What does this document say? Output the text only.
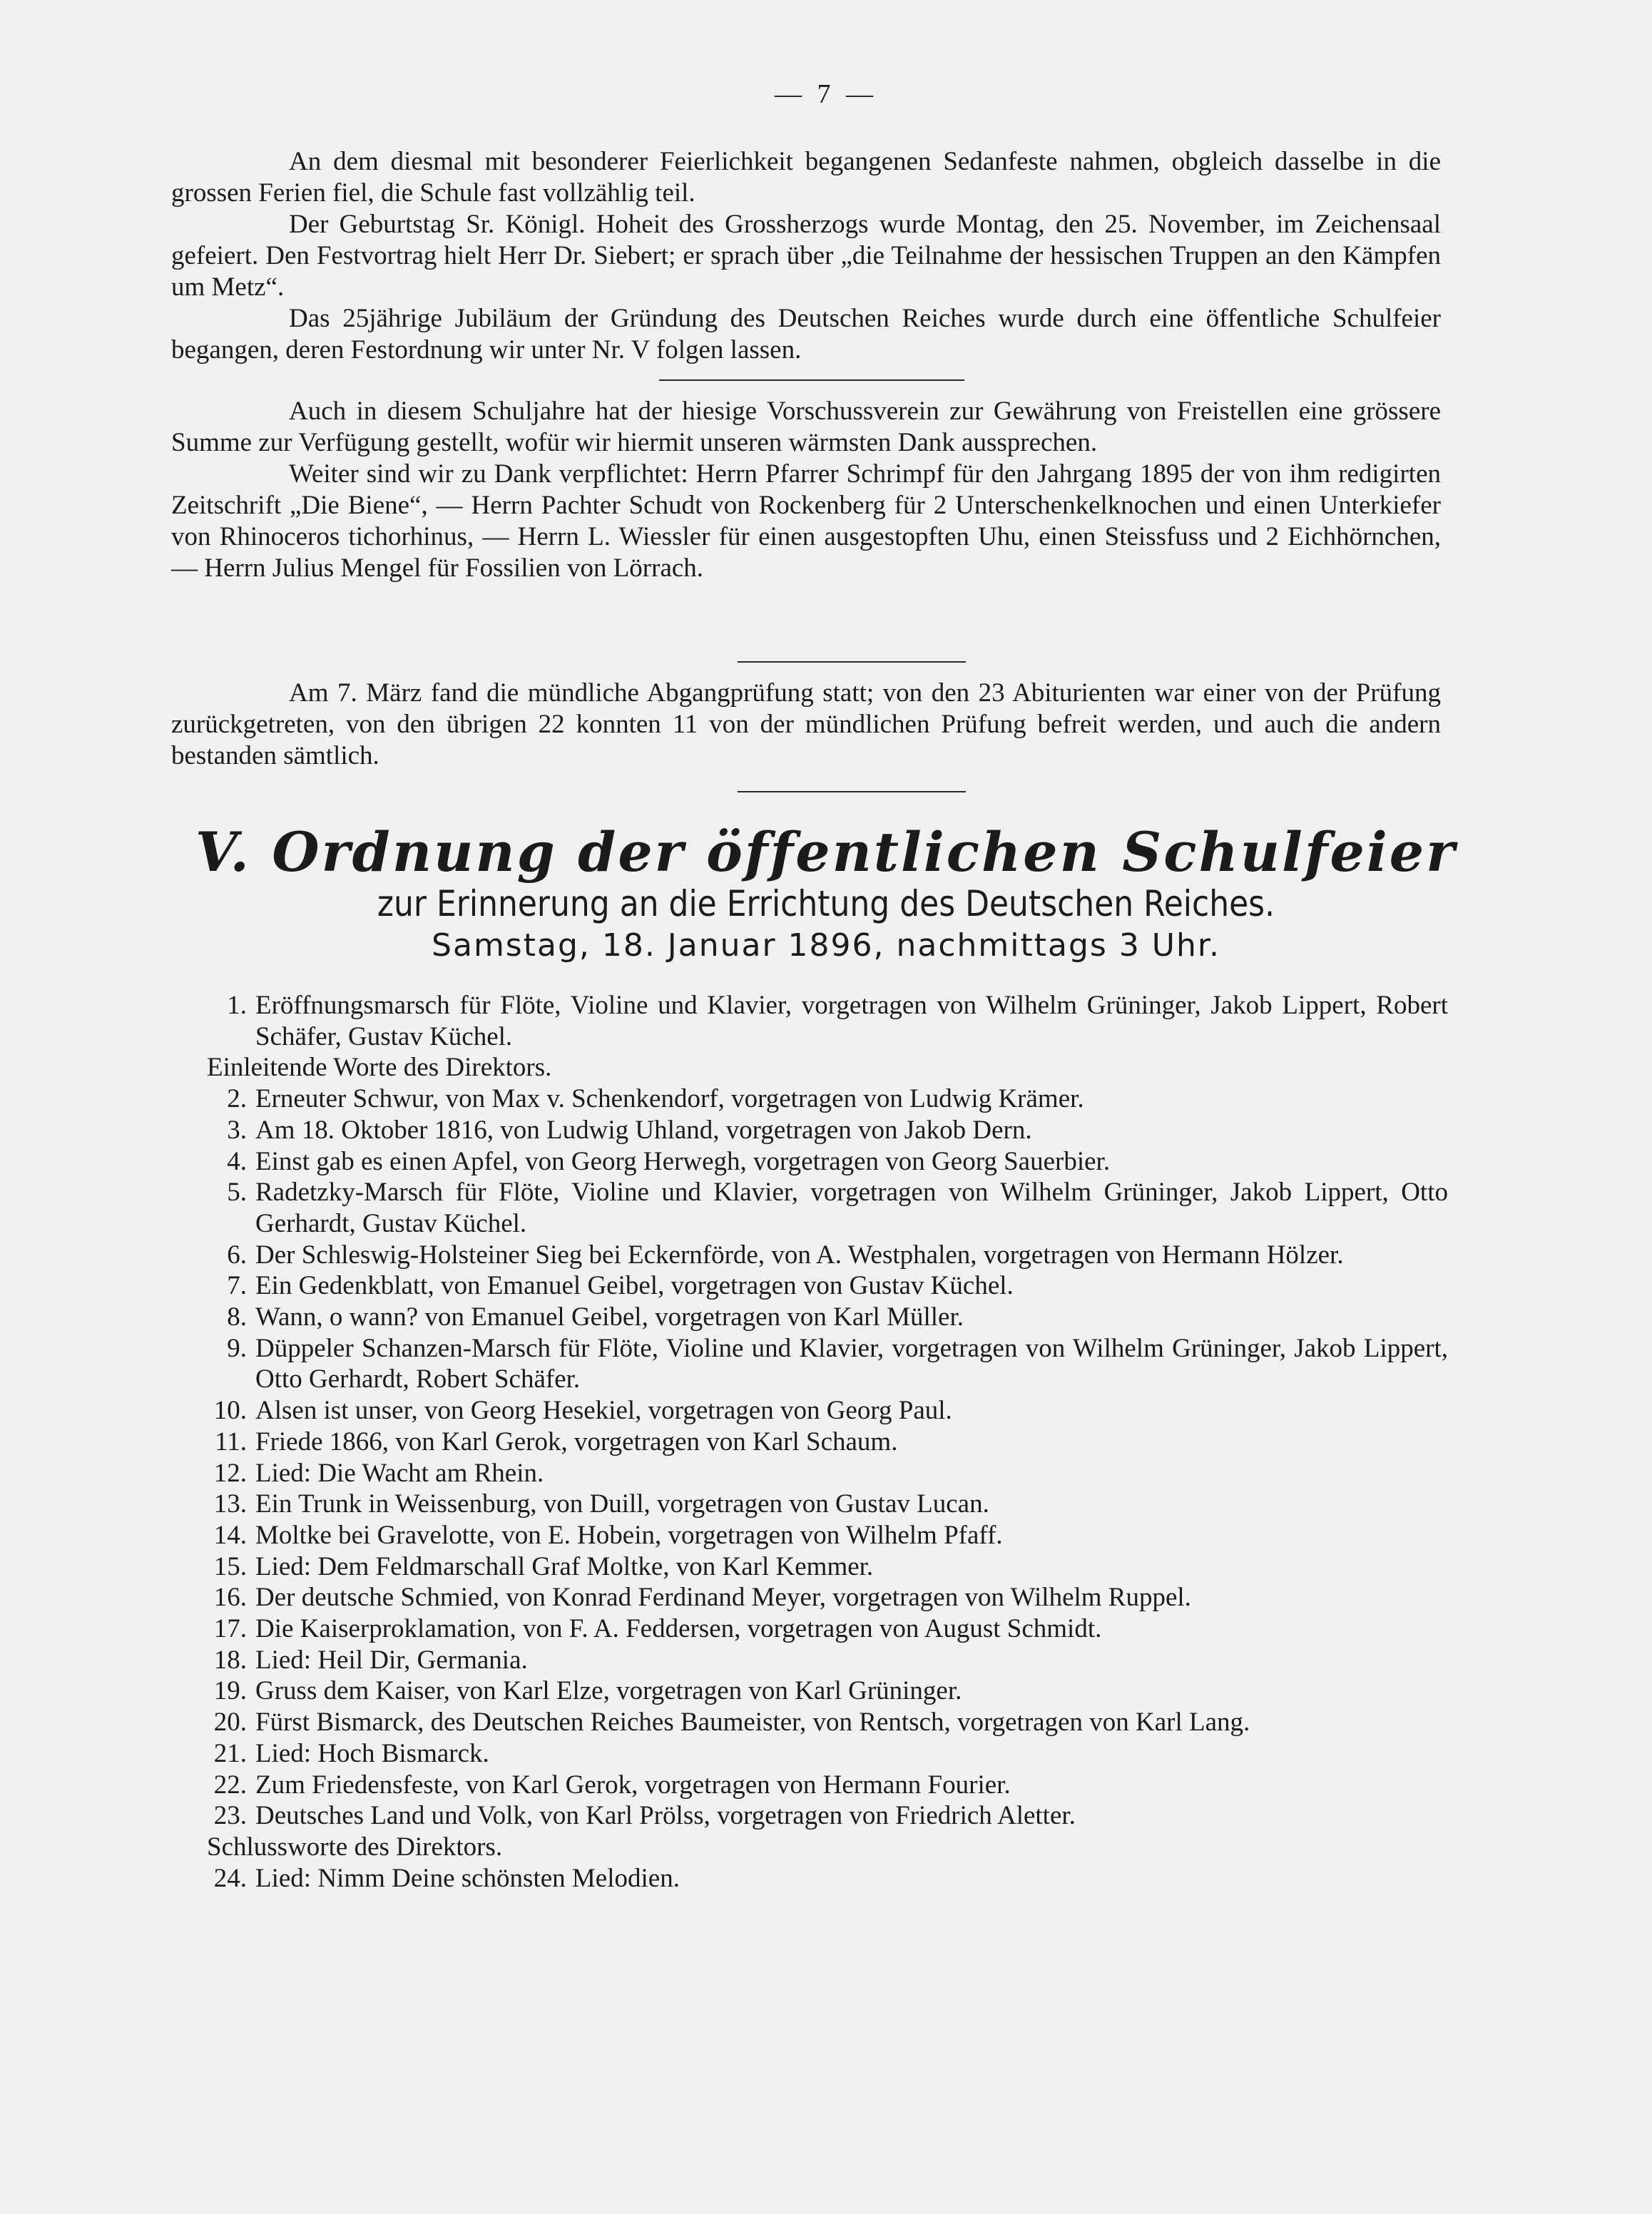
— 7 —

An dem diesmal mit besonderer Feierlichkeit begangenen Sedanfeste nahmen, obgleich dasselbe in die grossen Ferien fiel, die Schule fast vollzählig teil.

Der Geburtstag Sr. Königl. Hoheit des Grossherzogs wurde Montag, den 25. November, im Zeichensaal gefeiert. Den Festvortrag hielt Herr Dr. Siebert; er sprach über „die Teilnahme der hessischen Truppen an den Kämpfen um Metz“.

Das 25jährige Jubiläum der Gründung des Deutschen Reiches wurde durch eine öffentliche Schulfeier begangen, deren Festordnung wir unter Nr. V folgen lassen.

Auch in diesem Schuljahre hat der hiesige Vorschussverein zur Gewährung von Freistellen eine grössere Summe zur Verfügung gestellt, wofür wir hiermit unseren wärmsten Dank aussprechen.

Weiter sind wir zu Dank verpflichtet: Herrn Pfarrer Schrimpf für den Jahrgang 1895 der von ihm redigirten Zeitschrift „Die Biene“, — Herrn Pachter Schudt von Rockenberg für 2 Unterschenkelknochen und einen Unterkiefer von Rhinoceros tichorhinus, — Herrn L. Wiessler für einen ausgestopften Uhu, einen Steissfuss und 2 Eichhörnchen, — Herrn Julius Mengel für Fossilien von Lörrach.

Am 7. März fand die mündliche Abgangprüfung statt; von den 23 Abiturienten war einer von der Prüfung zurückgetreten, von den übrigen 22 konnten 11 von der mündlichen Prüfung befreit werden, und auch die andern bestanden sämtlich.

V. Ordnung der öffentlichen Schulfeier
zur Erinnerung an die Errichtung des Deutschen Reiches.
Samstag, 18. Januar 1896, nachmittags 3 Uhr.
1. Eröffnungsmarsch für Flöte, Violine und Klavier, vorgetragen von Wilhelm Grüninger, Jakob Lippert, Robert Schäfer, Gustav Küchel.
Einleitende Worte des Direktors.
2. Erneuter Schwur, von Max v. Schenkendorf, vorgetragen von Ludwig Krämer.
3. Am 18. Oktober 1816, von Ludwig Uhland, vorgetragen von Jakob Dern.
4. Einst gab es einen Apfel, von Georg Herwegh, vorgetragen von Georg Sauerbier.
5. Radetzky-Marsch für Flöte, Violine und Klavier, vorgetragen von Wilhelm Grüninger, Jakob Lippert, Otto Gerhardt, Gustav Küchel.
6. Der Schleswig-Holsteiner Sieg bei Eckernförde, von A. Westphalen, vorgetragen von Hermann Hölzer.
7. Ein Gedenkblatt, von Emanuel Geibel, vorgetragen von Gustav Küchel.
8. Wann, o wann? von Emanuel Geibel, vorgetragen von Karl Müller.
9. Düppeler Schanzen-Marsch für Flöte, Violine und Klavier, vorgetragen von Wilhelm Grüninger, Jakob Lippert, Otto Gerhardt, Robert Schäfer.
10. Alsen ist unser, von Georg Hesekiel, vorgetragen von Georg Paul.
11. Friede 1866, von Karl Gerok, vorgetragen von Karl Schaum.
12. Lied: Die Wacht am Rhein.
13. Ein Trunk in Weissenburg, von Duill, vorgetragen von Gustav Lucan.
14. Moltke bei Gravelotte, von E. Hobein, vorgetragen von Wilhelm Pfaff.
15. Lied: Dem Feldmarschall Graf Moltke, von Karl Kemmer.
16. Der deutsche Schmied, von Konrad Ferdinand Meyer, vorgetragen von Wilhelm Ruppel.
17. Die Kaiserproklamation, von F. A. Feddersen, vorgetragen von August Schmidt.
18. Lied: Heil Dir, Germania.
19. Gruss dem Kaiser, von Karl Elze, vorgetragen von Karl Grüninger.
20. Fürst Bismarck, des Deutschen Reiches Baumeister, von Rentsch, vorgetragen von Karl Lang.
21. Lied: Hoch Bismarck.
22. Zum Friedensfeste, von Karl Gerok, vorgetragen von Hermann Fourier.
23. Deutsches Land und Volk, von Karl Prölss, vorgetragen von Friedrich Aletter.
Schlussworte des Direktors.
24. Lied: Nimm Deine schönsten Melodien.
